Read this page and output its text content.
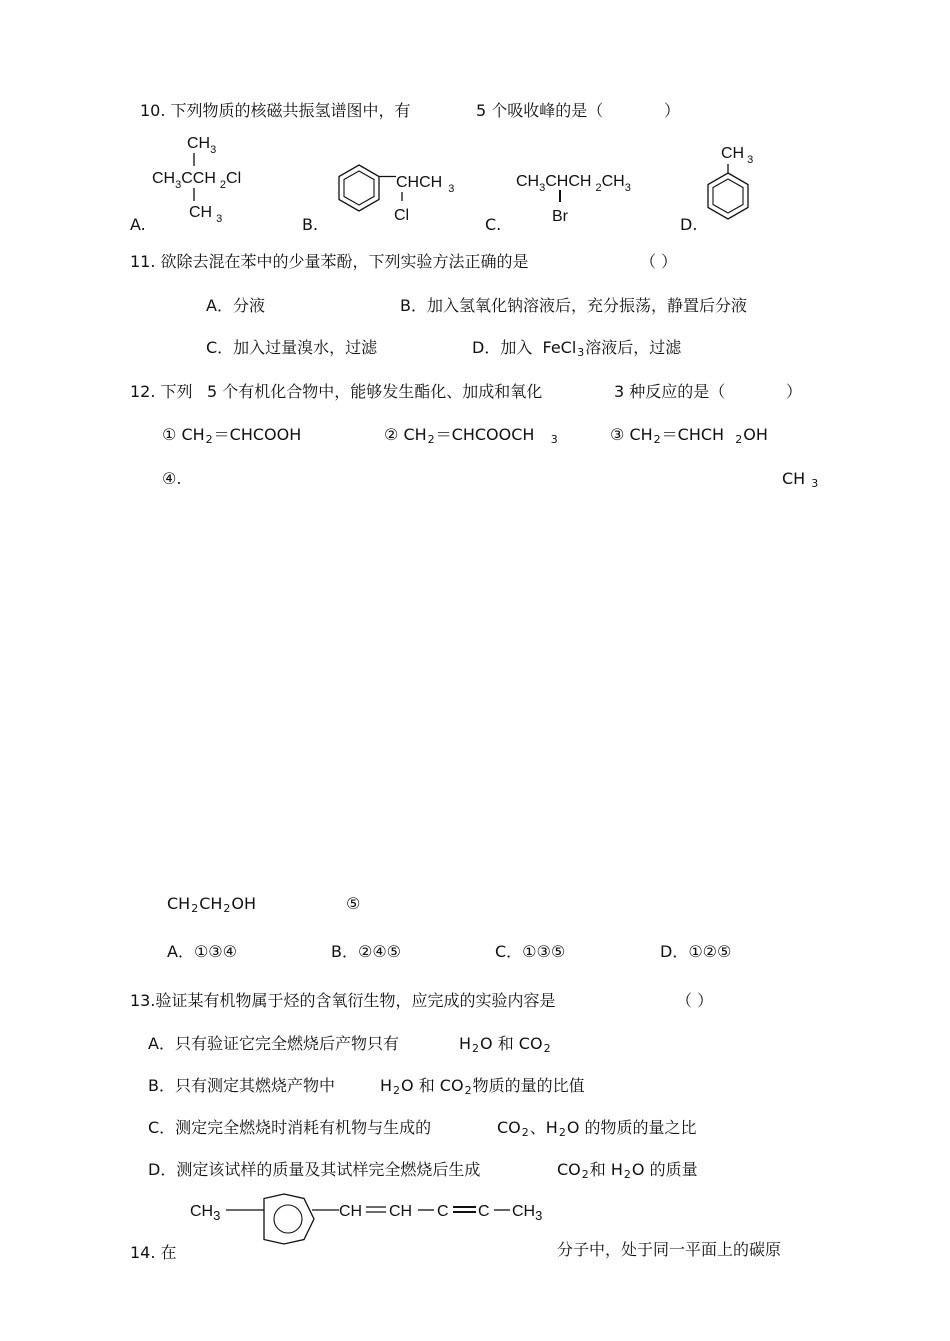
10. 下列物质的核磁共振氢谱图中，有	5 个吸收峰的是（	）
$CH_3$
$CH_3CCH$ $_2$Cl
CH $_3$
A.
CHCH $_3$
Cl
B.
$CH_3CHCH$ $_2CH_3$
Br
C.
CH $_3$
D.
11. 欲除去混在苯中的少量苯酚，下列实验方法正确的是	（ ）
A．分液	B．加入氢氧化钠溶液后，充分振荡，静置后分液
C．加入过量溴水，过滤	D．加入 FeCl3溶液后，过滤
12. 下列 5 个有机化合物中，能够发生酯化、加成和氧化	3 种反应的是（	）
① CH2＝CHCOOH	② CH2＝CHCOOCH 3	③ CH2＝CHCH 2OH
④.	CH 3
CH2CH2OH	⑤
A．①③④	B．②④⑤	C．①③⑤	D．①②⑤
13.验证某有机物属于烃的含氧衍生物，应完成的实验内容是	（ ）
A．只有验证它完全燃烧后产物只有	H2O 和 CO2
B．只有测定其燃烧产物中	H2O 和 CO2物质的量的比值
C．测定完全燃烧时消耗有机物与生成的	CO2、H2O 的物质的量之比
D．测定该试样的质量及其试样完全燃烧后生成	CO2和 H2O 的质量
$CH_3$	CH CH C C $CH_3$
14. 在	分子中，处于同一平面上的碳原
